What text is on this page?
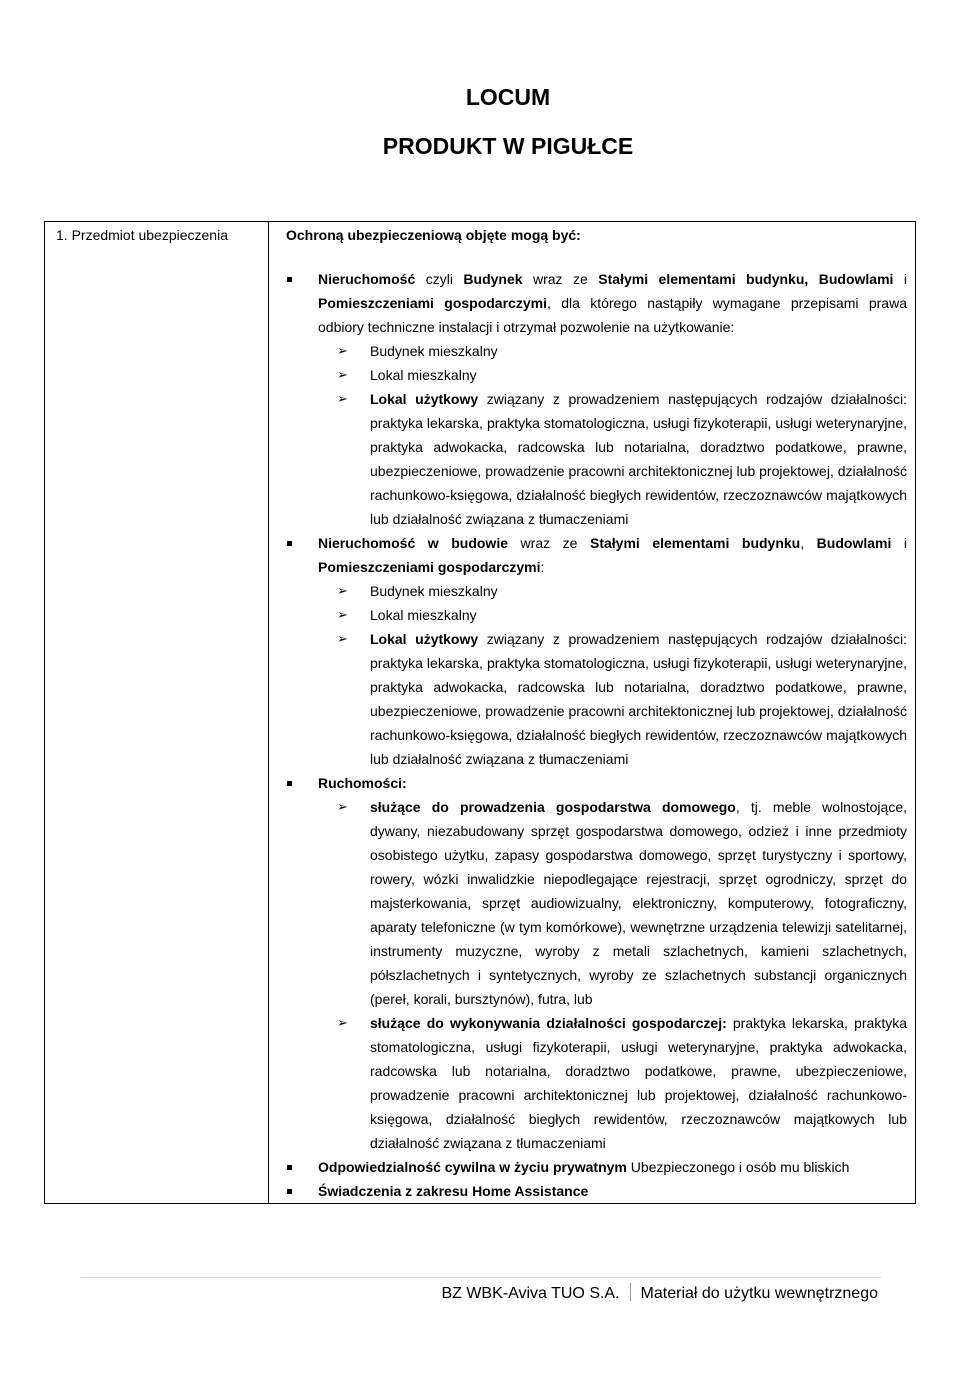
LOCUM
PRODUKT W PIGUŁCE
1. Przedmiot ubezpieczenia	Ochroną ubezpieczeniową objęte mogą być:
Nieruchomość czyli Budynek wraz ze Stałymi elementami budynku, Budowlami i Pomieszczeniami gospodarczymi, dla którego nastąpiły wymagane przepisami prawa odbiory techniczne instalacji i otrzymał pozwolenie na użytkowanie:
➢ Budynek mieszkalny
➢ Lokal mieszkalny
➢ Lokal użytkowy związany z prowadzeniem następujących rodzajów działalności: praktyka lekarska, praktyka stomatologiczna, usługi fizykoterapii, usługi weterynaryjne, praktyka adwokacka, radcowska lub notarialna, doradztwo podatkowe, prawne, ubezpieczeniowe, prowadzenie pracowni architektonicznej lub projektowej, działalność rachunkowo-księgowa, działalność biegłych rewidentów, rzeczoznawców majątkowych lub działalność związana z tłumaczeniami
Nieruchomość w budowie wraz ze Stałymi elementami budynku, Budowlami i Pomieszczeniami gospodarczymi:
➢ Budynek mieszkalny
➢ Lokal mieszkalny
➢ Lokal użytkowy związany z prowadzeniem następujących rodzajów działalności: praktyka lekarska, praktyka stomatologiczna, usługi fizykoterapii, usługi weterynaryjne, praktyka adwokacka, radcowska lub notarialna, doradztwo podatkowe, prawne, ubezpieczeniowe, prowadzenie pracowni architektonicznej lub projektowej, działalność rachunkowo-księgowa, działalność biegłych rewidentów, rzeczoznawców majątkowych lub działalność związana z tłumaczeniami
Ruchomości:
➢ służące do prowadzenia gospodarstwa domowego, tj. meble wolnostojące, dywany, niezabudowany sprzęt gospodarstwa domowego, odzież i inne przedmioty osobistego użytku, zapasy gospodarstwa domowego, sprzęt turystyczny i sportowy, rowery, wózki inwalidzkie niepodlegające rejestracji, sprzęt ogrodniczy, sprzęt do majsterkowania, sprzęt audiowizualny, elektroniczny, komputerowy, fotograficzny, aparaty telefoniczne (w tym komórkowe), wewnętrzne urządzenia telewizji satelitarnej, instrumenty muzyczne, wyroby z metali szlachetnych, kamieni szlachetnych, półszlachetnych i syntetycznych, wyroby ze szlachetnych substancji organicznych (pereł, korali, bursztynów), futra, lub
➢ służące do wykonywania działalności gospodarczej: praktyka lekarska, praktyka stomatologiczna, usługi fizykoterapii, usługi weterynaryjne, praktyka adwokacka, radcowska lub notarialna, doradztwo podatkowe, prawne, ubezpieczeniowe, prowadzenie pracowni architektonicznej lub projektowej, działalność rachunkowo-księgowa, działalność biegłych rewidentów, rzeczoznawców majątkowych lub działalność związana z tłumaczeniami
Odpowiedzialność cywilna w życiu prywatnym Ubezpieczonego i osób mu bliskich
Świadczenia z zakresu Home Assistance
BZ WBK-Aviva TUO S.A. Materiał do użytku wewnętrznego
